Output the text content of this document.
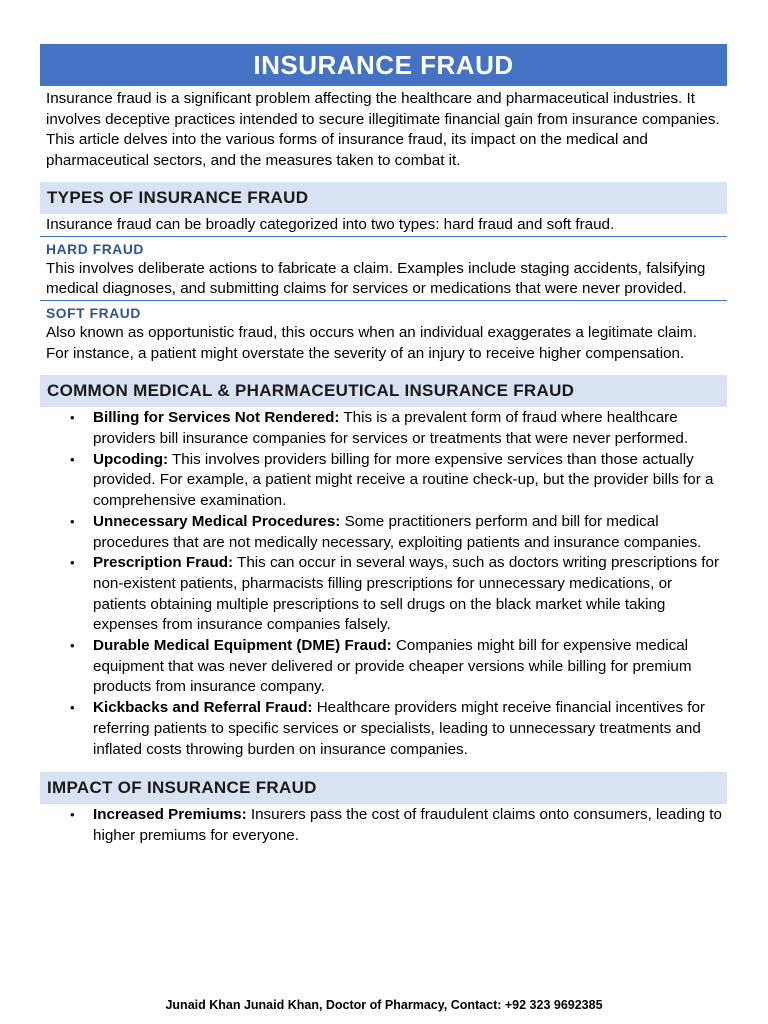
INSURANCE FRAUD

Insurance fraud is a significant problem affecting the healthcare and pharmaceutical industries. It involves deceptive practices intended to secure illegitimate financial gain from insurance companies. This article delves into the various forms of insurance fraud, its impact on the medical and pharmaceutical sectors, and the measures taken to combat it.

TYPES OF INSURANCE FRAUD

Insurance fraud can be broadly categorized into two types: hard fraud and soft fraud.

HARD FRAUD

This involves deliberate actions to fabricate a claim. Examples include staging accidents, falsifying medical diagnoses, and submitting claims for services or medications that were never provided.

SOFT FRAUD

Also known as opportunistic fraud, this occurs when an individual exaggerates a legitimate claim. For instance, a patient might overstate the severity of an injury to receive higher compensation.

COMMON MEDICAL & PHARMACEUTICAL INSURANCE FRAUD
• Billing for Services Not Rendered: This is a prevalent form of fraud where healthcare providers bill insurance companies for services or treatments that were never performed.
• Upcoding: This involves providers billing for more expensive services than those actually provided. For example, a patient might receive a routine check-up, but the provider bills for a comprehensive examination.
• Unnecessary Medical Procedures: Some practitioners perform and bill for medical procedures that are not medically necessary, exploiting patients and insurance companies.
• Prescription Fraud: This can occur in several ways, such as doctors writing prescriptions for non-existent patients, pharmacists filling prescriptions for unnecessary medications, or patients obtaining multiple prescriptions to sell drugs on the black market while taking expenses from insurance companies falsely.
• Durable Medical Equipment (DME) Fraud: Companies might bill for expensive medical equipment that was never delivered or provide cheaper versions while billing for premium products from insurance company.
• Kickbacks and Referral Fraud: Healthcare providers might receive financial incentives for referring patients to specific services or specialists, leading to unnecessary treatments and inflated costs throwing burden on insurance companies.
IMPACT OF INSURANCE FRAUD
• Increased Premiums: Insurers pass the cost of fraudulent claims onto consumers, leading to higher premiums for everyone.
Junaid Khan Junaid Khan, Doctor of Pharmacy, Contact: +92 323 9692385
